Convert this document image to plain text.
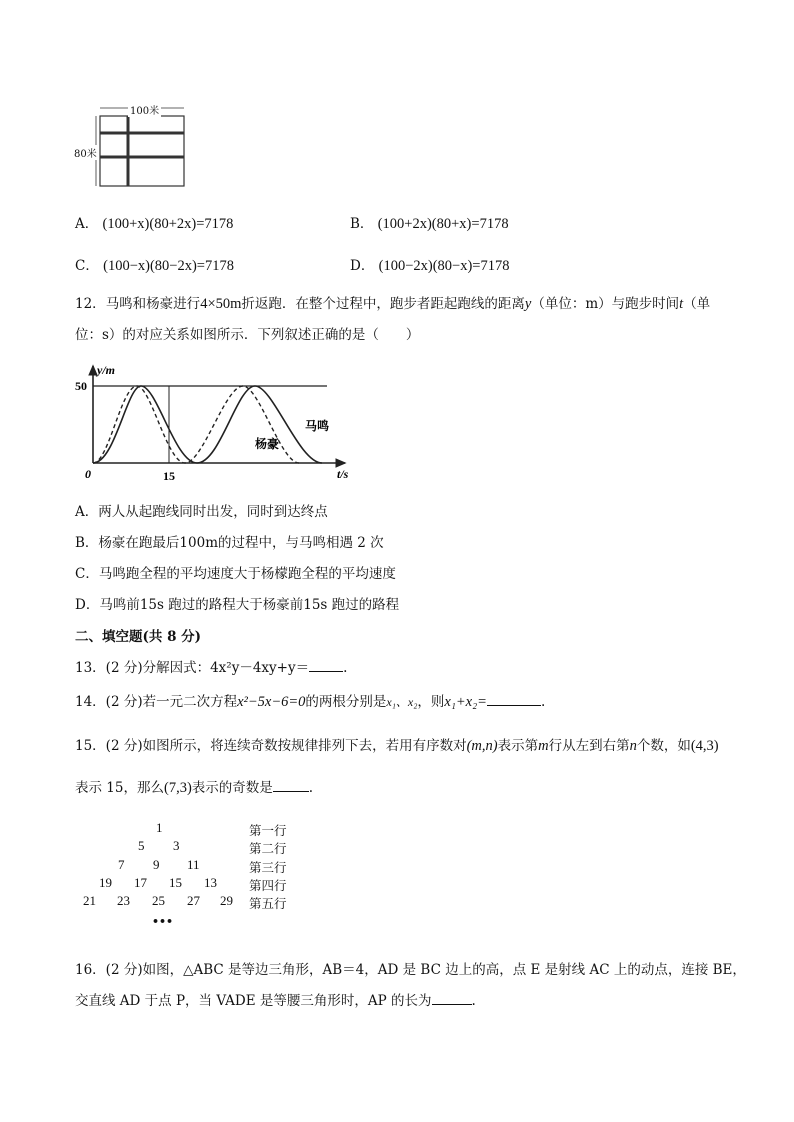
100米
80米
A． (100+x)(80+2x)=7178	B． (100+2x)(80+x)=7178
C． (100−x)(80−2x)=7178	D． (100−2x)(80−x)=7178
12．马鸣和杨豪进行4×50m折返跑．在整个过程中，跑步者距起跑线的距离y（单位：m）与跑步时间t（单
位：s）的对应关系如图所示．下列叙述正确的是（　　）
y/m
t/s
50
0	15
马鸣
杨豪
A．两人从起跑线同时出发，同时到达终点
B．杨豪在跑最后100m的过程中，与马鸣相遇 2 次
C．马鸣跑全程的平均速度大于杨檬跑全程的平均速度
D．马鸣前15s 跑过的路程大于杨豪前15s 跑过的路程
二、填空题(共 8 分)
13．(2 分)分解因式：4x²y－4xy+y＝	.
14．(2 分)若一元二次方程x²−5x−6=0的两根分别是x₁、x₂，则x₁+x₂=	.
15．(2 分)如图所示，将连续奇数按规律排列下去，若用有序数对(m,n)表示第m行从左到右第n个数，如(4,3)
表示 15，那么(7,3)表示的奇数是	.
1	第一行
5 3	第二行
7 9 11	第三行
19 17 15 13	第四行
21 23 25 27 29 第五行
•••
16．(2 分)如图，△ABC 是等边三角形，AB＝4，AD 是 BC 边上的高，点 E 是射线 AC 上的动点，连接 BE，
交直线 AD 于点 P，当 VADE 是等腰三角形时，AP 的长为	.
